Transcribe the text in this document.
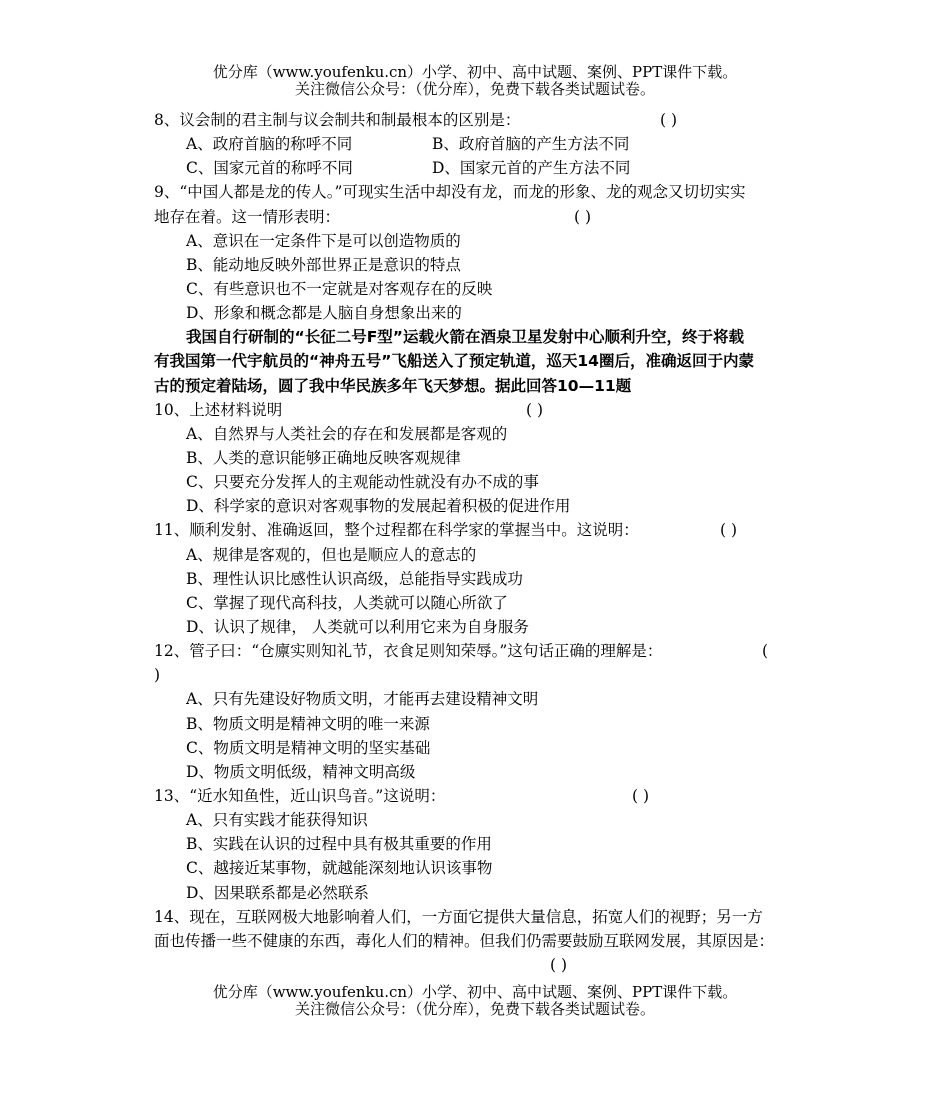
优分库（www.youfenku.cn）小学、初中、高中试题、案例、PPT课件下载。
关注微信公众号：（优分库），免费下载各类试题试卷。
8、议会制的君主制与议会制共和制最根本的区别是：	( )
A、政府首脑的称呼不同	B、政府首脑的产生方法不同
C、国家元首的称呼不同	D、国家元首的产生方法不同
9、“中国人都是龙的传人。”可现实生活中却没有龙，而龙的形象、龙的观念又切切实实
地存在着。这一情形表明：	( )
A、意识在一定条件下是可以创造物质的
B、能动地反映外部世界正是意识的特点
C、有些意识也不一定就是对客观存在的反映
D、形象和概念都是人脑自身想象出来的
我国自行研制的“长征二号F型”运载火箭在酒泉卫星发射中心顺利升空，终于将载
有我国第一代宇航员的“神舟五号”飞船送入了预定轨道，巡天14圈后，准确返回于内蒙
古的预定着陆场，圆了我中华民族多年飞天梦想。据此回答10—11题
10、上述材料说明	( )
A、自然界与人类社会的存在和发展都是客观的
B、人类的意识能够正确地反映客观规律
C、只要充分发挥人的主观能动性就没有办不成的事
D、科学家的意识对客观事物的发展起着积极的促进作用
11、顺利发射、准确返回，整个过程都在科学家的掌握当中。这说明：	( )
A、规律是客观的，但也是顺应人的意志的
B、理性认识比感性认识高级，总能指导实践成功
C、掌握了现代高科技，人类就可以随心所欲了
D、认识了规律， 人类就可以利用它来为自身服务
12、管子曰：“仓廪实则知礼节，衣食足则知荣辱。”这句话正确的理解是：	(
)
A、只有先建设好物质文明，才能再去建设精神文明
B、物质文明是精神文明的唯一来源
C、物质文明是精神文明的坚实基础
D、物质文明低级，精神文明高级
13、“近水知鱼性，近山识鸟音。”这说明：	( )
A、只有实践才能获得知识
B、实践在认识的过程中具有极其重要的作用
C、越接近某事物，就越能深刻地认识该事物
D、因果联系都是必然联系
14、现在，互联网极大地影响着人们，一方面它提供大量信息，拓宽人们的视野；另一方
面也传播一些不健康的东西，毒化人们的精神。但我们仍需要鼓励互联网发展，其原因是：
( )
优分库（www.youfenku.cn）小学、初中、高中试题、案例、PPT课件下载。
关注微信公众号：（优分库），免费下载各类试题试卷。
